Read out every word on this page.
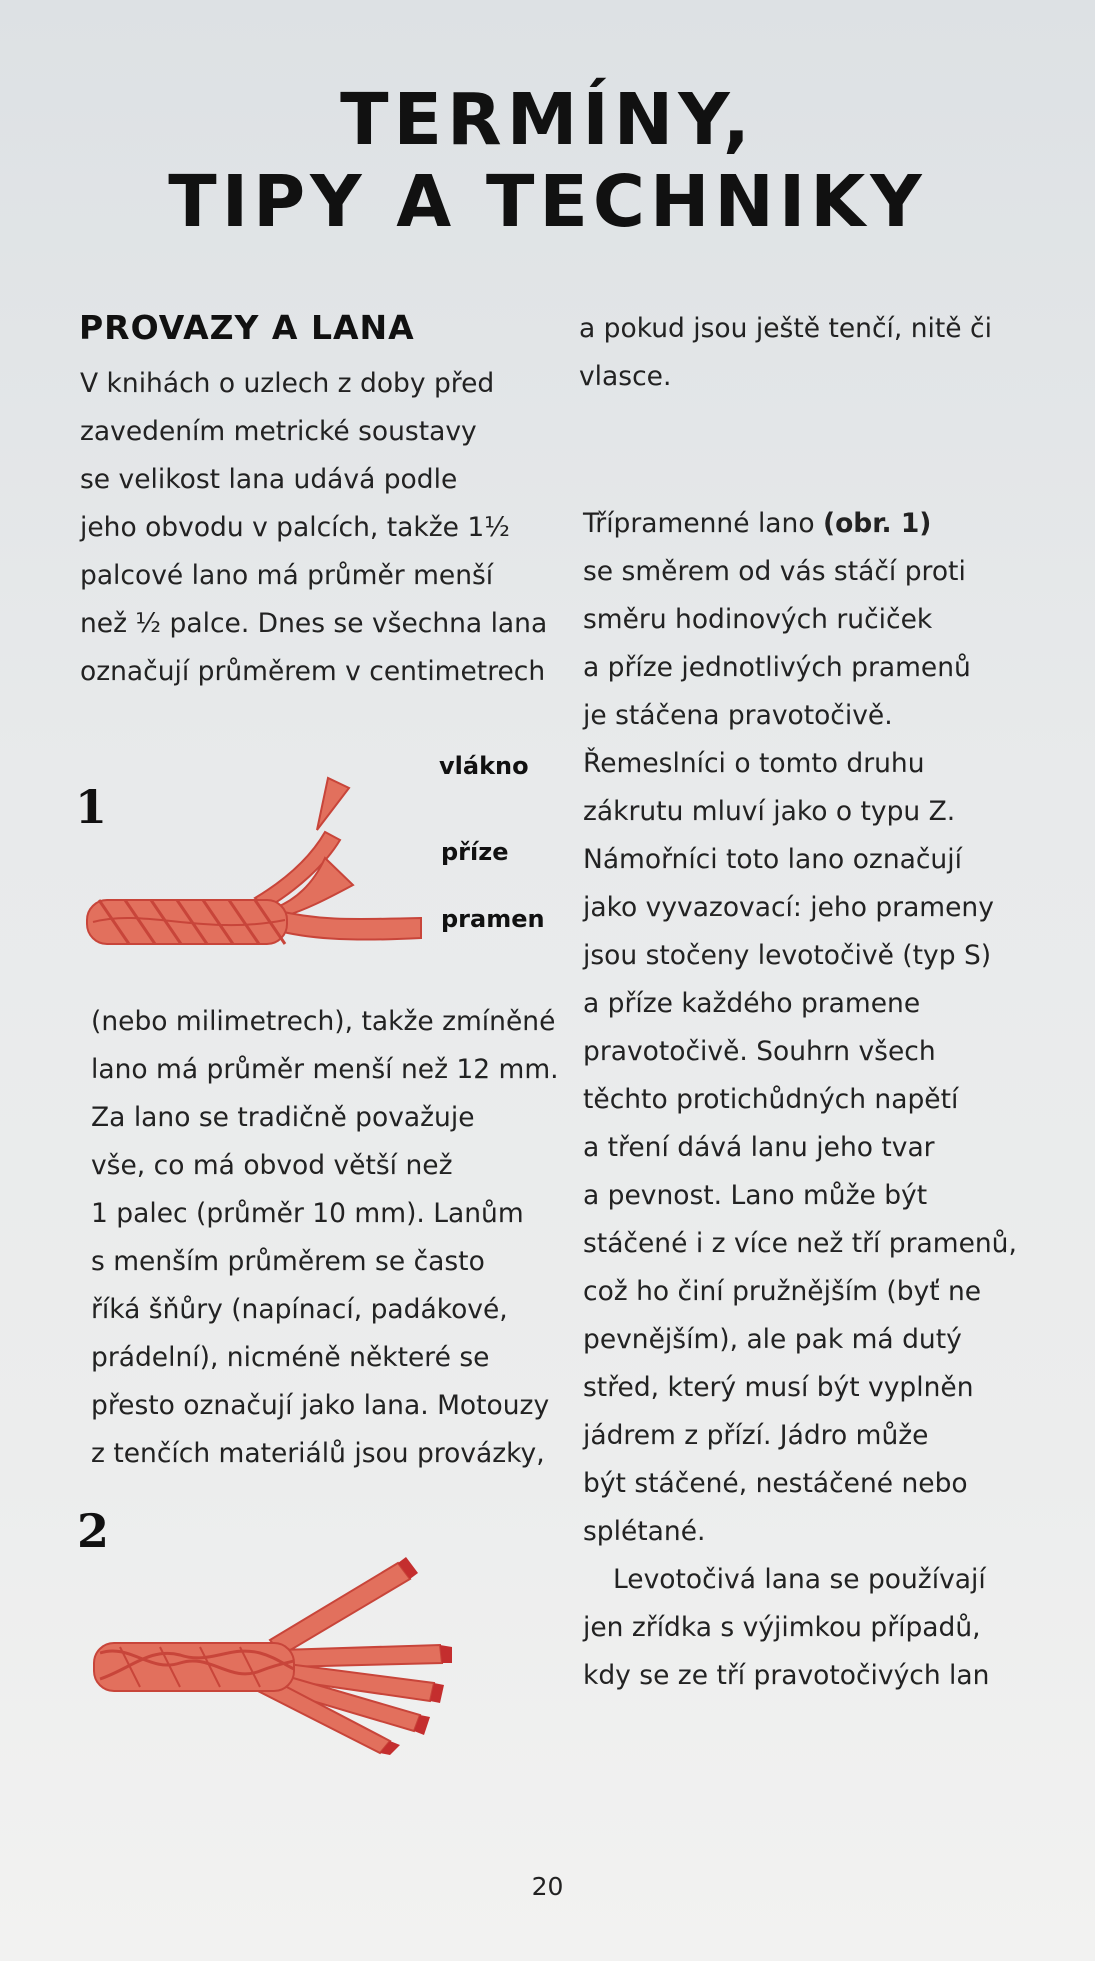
TERMÍNY,
TIPY A TECHNIKY
PROVAZY A LANA

V knihách o uzlech z doby před

zavedením metrické soustavy

se velikost lana udává podle

jeho obvodu v palcích, takže 1½

palcové lano má průměr menší

než ½ palce. Dnes se všechna lana

označují průměrem v centimetrech

1
vlákno
příze
pramen

(nebo milimetrech), takže zmíněné

lano má průměr menší než 12 mm.

Za lano se tradičně považuje

vše, co má obvod větší než

1 palec (průměr 10 mm). Lanům

s menším průměrem se často

říká šňůry (napínací, padákové,

prádelní), nicméně některé se

přesto označují jako lana. Motouzy

z tenčích materiálů jsou provázky,

2

a pokud jsou ještě tenčí, nitě či

vlasce.

Třípramenné lano (obr. 1)

se směrem od vás stáčí proti

směru hodinových ručiček

a příze jednotlivých pramenů

je stáčena pravotočivě.

Řemeslníci o tomto druhu

zákrutu mluví jako o typu Z.

Námořníci toto lano označují

jako vyvazovací: jeho prameny

jsou stočeny levotočivě (typ S)

a příze každého pramene

pravotočivě. Souhrn všech

těchto protichůdných napětí

a tření dává lanu jeho tvar

a pevnost. Lano může být

stáčené i z více než tří pramenů,

což ho činí pružnějším (byť ne

pevnějším), ale pak má dutý

střed, který musí být vyplněn

jádrem z přízí. Jádro může

být stáčené, nestáčené nebo

splétané.

Levotočivá lana se používají

jen zřídka s výjimkou případů,

kdy se ze tří pravotočivých lan

20
